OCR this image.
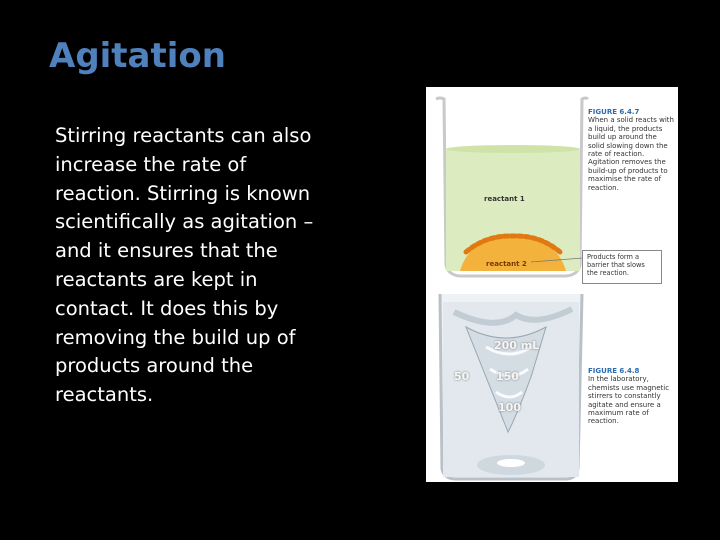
Agitation
Stirring reactants can also increase the rate of reaction. Stirring is known scientifically as agitation – and it ensures that the reactants are kept in contact. It does this by removing the build up of products around the reactants.
reactant 1
reactant 2
FIGURE 6.4.7
When a solid reacts with a liquid, the products build up around the solid slowing down the rate of reaction. Agitation removes the build-up of products to maximise the rate of reaction.
Products form a barrier that slows the reaction.
200 mL
50 150
100
FIGURE 6.4.8
In the laboratory, chemists use magnetic stirrers to constantly agitate and ensure a maximum rate of reaction.
